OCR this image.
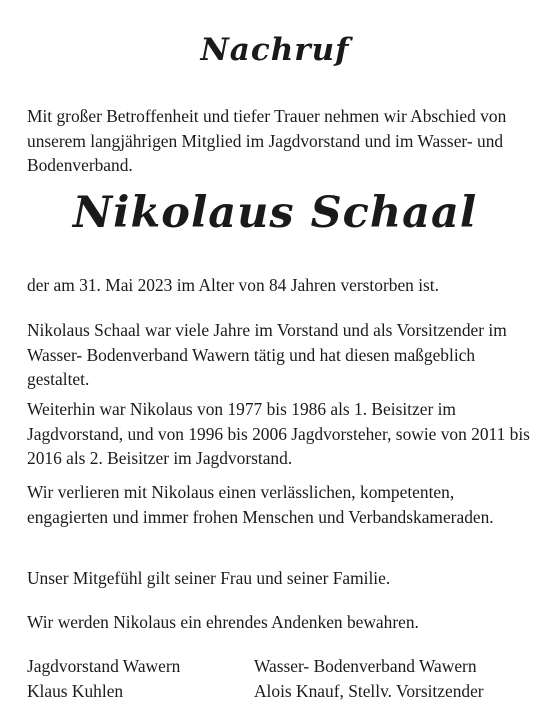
Nachruf

Mit großer Betroffenheit und tiefer Trauer nehmen wir Abschied von unserem langjährigen Mitglied im Jagdvorstand und im Wasser- und Bodenverband.

Nikolaus Schaal

der am 31. Mai 2023 im Alter von 84 Jahren verstorben ist.

Nikolaus Schaal war viele Jahre im Vorstand und als Vorsitzender im Wasser- Bodenverband Wawern tätig und hat diesen maßgeblich gestaltet.

Weiterhin war Nikolaus von 1977 bis 1986 als 1. Beisitzer im Jagdvorstand, und von 1996 bis 2006 Jagdvorsteher, sowie von 2011 bis 2016 als 2. Beisitzer im Jagdvorstand.

Wir verlieren mit Nikolaus einen verlässlichen, kompetenten, engagierten und immer frohen Menschen und Verbandskameraden.

Unser Mitgefühl gilt seiner Frau und seiner Familie.

Wir werden Nikolaus ein ehrendes Andenken bewahren.

Jagdvorstand Wawern
Klaus Kuhlen
Wasser- Bodenverband Wawern
Alois Knauf, Stellv. Vorsitzender
